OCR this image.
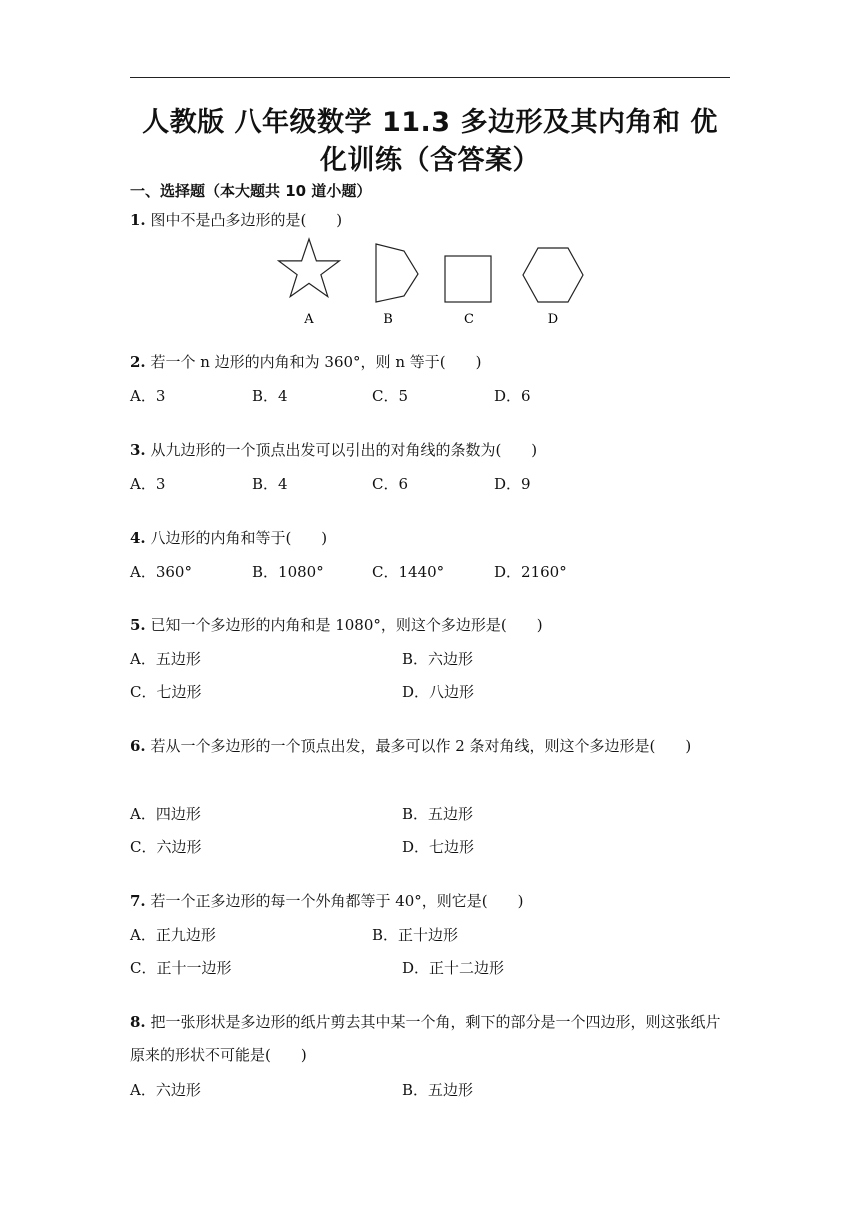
人教版 八年级数学 11.3 多边形及其内角和 优化训练（含答案）
一、选择题（本大题共 10 道小题）
1. 图中不是凸多边形的是(　　)
A	B	C	D
2. 若一个 n 边形的内角和为 360°，则 n 等于(　　)
A．3	B．4	C．5	D．6
3. 从九边形的一个顶点出发可以引出的对角线的条数为(　　)
A．3	B．4	C．6	D．9
4. 八边形的内角和等于(　　)
A．360°	B．1080°	C．1440°	D．2160°
5. 已知一个多边形的内角和是 1080°，则这个多边形是(　　)
A．五边形	B．六边形
C．七边形	D．八边形
6. 若从一个多边形的一个顶点出发，最多可以作 2 条对角线，则这个多边形是(　　)
A．四边形	B．五边形
C．六边形	D．七边形
7. 若一个正多边形的每一个外角都等于 40°，则它是(　　)
A．正九边形	B．正十边形
C．正十一边形	D．正十二边形
8. 把一张形状是多边形的纸片剪去其中某一个角，剩下的部分是一个四边形，则这张纸片原来的形状不可能是(　　)
A．六边形	B．五边形
